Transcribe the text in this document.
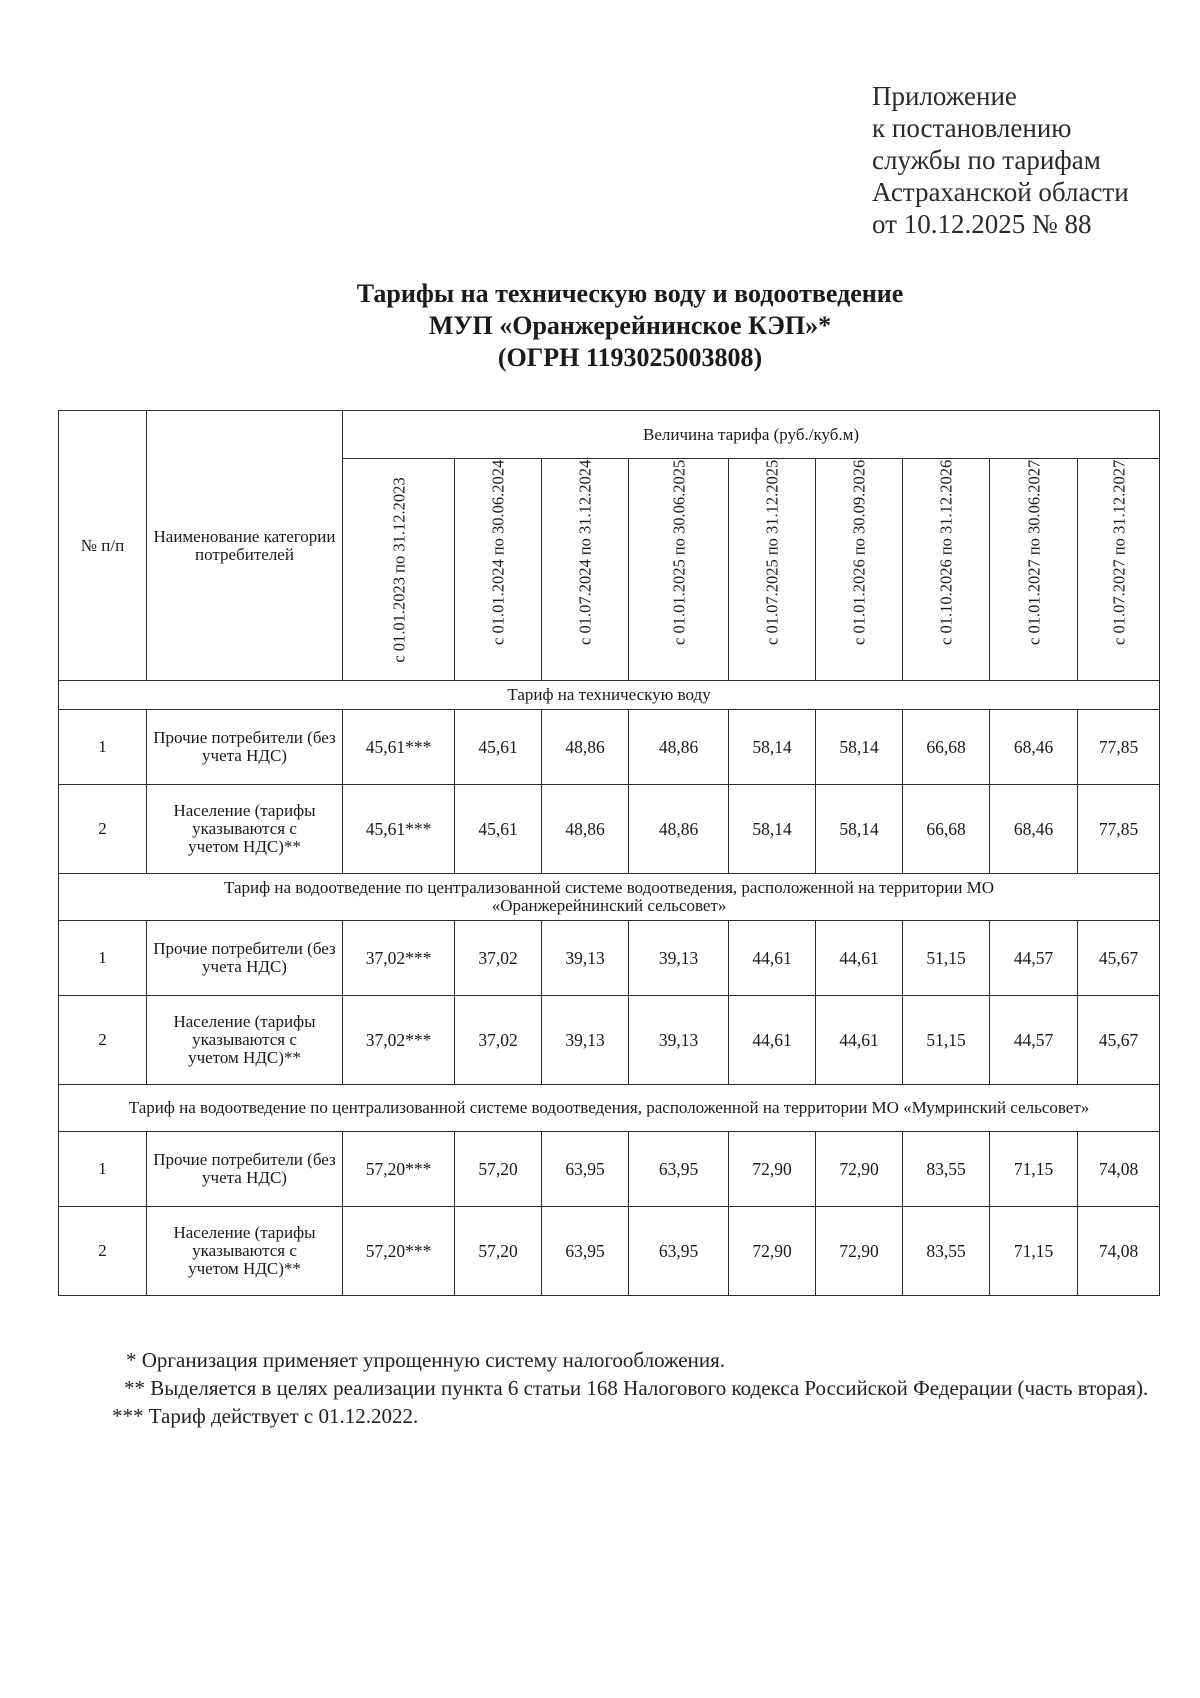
Приложение
к постановлению
службы по тарифам
Астраханской области
от 10.12.2025 № 88
Тарифы на техническую воду и водоотведение
МУП «Оранжерейнинское КЭП»*
(ОГРН 1193025003808)
№ п/п	Наименование категории потребителей	Величина тарифа (руб./куб.м)								

		с 01.01.2023 по 31.12.2023	с 01.01.2024 по 30.06.2024	с 01.07.2024 по 31.12.2024	с 01.01.2025 по 30.06.2025	с 01.07.2025 по 31.12.2025	с 01.01.2026 по 30.09.2026	с 01.10.2026 по 31.12.2026	с 01.01.2027 по 30.06.2027	с 01.07.2027 по 31.12.2027

Тариф на техническую воду										
1	Прочие потребители (без учета НДС)	45,61***	45,61	48,86	48,86	58,14	58,14	66,68	68,46	77,85
2	Население (тарифы указываются с учетом НДС)**	45,61***	45,61	48,86	48,86	58,14	58,14	66,68	68,46	77,85
Тариф на водоотведение по централизованной системе водоотведения, расположенной на территории МО «Оранжерейнинский сельсовет»										
1	Прочие потребители (без учета НДС)	37,02***	37,02	39,13	39,13	44,61	44,61	51,15	44,57	45,67
2	Население (тарифы указываются с учетом НДС)**	37,02***	37,02	39,13	39,13	44,61	44,61	51,15	44,57	45,67
Тариф на водоотведение по централизованной системе водоотведения, расположенной на территории МО «Мумринский сельсовет»										
1	Прочие потребители (без учета НДС)	57,20***	57,20	63,95	63,95	72,90	72,90	83,55	71,15	74,08
2	Население (тарифы указываются с учетом НДС)**	57,20***	57,20	63,95	63,95	72,90	72,90	83,55	71,15	74,08
* Организация применяет упрощенную систему налогообложения.
** Выделяется в целях реализации пункта 6 статьи 168 Налогового кодекса Российской Федерации (часть вторая).
*** Тариф действует с 01.12.2022.
